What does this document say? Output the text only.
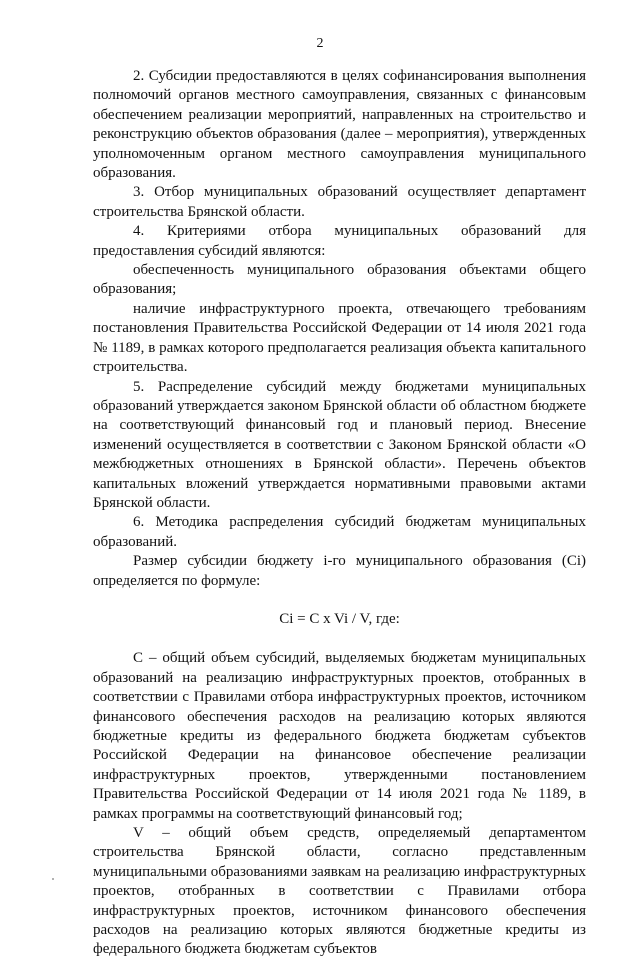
2

2. Субсидии предоставляются в целях софинансирования выполнения полномочий органов местного самоуправления, связанных с финансовым обеспечением реализации мероприятий, направленных на строительство и реконструкцию объектов образования (далее – мероприятия), утвержденных уполномоченным органом местного самоуправления муниципального образования.

3. Отбор муниципальных образований осуществляет департамент строительства Брянской области.

4. Критериями отбора муниципальных образований для предоставления субсидий являются:

обеспеченность муниципального образования объектами общего образования;

наличие инфраструктурного проекта, отвечающего требованиям постановления Правительства Российской Федерации от 14 июля 2021 года № 1189, в рамках которого предполагается реализация объекта капитального строительства.

5. Распределение субсидий между бюджетами муниципальных образований утверждается законом Брянской области об областном бюджете на соответствующий финансовый год и плановый период. Внесение изменений осуществляется в соответствии с Законом Брянской области «О межбюджетных отношениях в Брянской области». Перечень объектов капитальных вложений утверждается нормативными правовыми актами Брянской области.

6. Методика распределения субсидий бюджетам муниципальных образований.

Размер субсидии бюджету i-го муниципального образования (Ci) определяется по формуле:

Ci = C x Vi / V, где:

C – общий объем субсидий, выделяемых бюджетам муниципальных образований на реализацию инфраструктурных проектов, отобранных в соответствии с Правилами отбора инфраструктурных проектов, источником финансового обеспечения расходов на реализацию которых являются бюджетные кредиты из федерального бюджета бюджетам субъектов Российской Федерации на финансовое обеспечение реализации инфраструктурных проектов, утвержденными постановлением Правительства Российской Федерации от 14 июля 2021 года № 1189, в рамках программы на соответствующий финансовый год;

V – общий объем средств, определяемый департаментом строительства Брянской области, согласно представленным муниципальными образованиями заявкам на реализацию инфраструктурных проектов, отобранных в соответствии с Правилами отбора инфраструктурных проектов, источником финансового обеспечения расходов на реализацию которых являются бюджетные кредиты из федерального бюджета бюджетам субъектов
